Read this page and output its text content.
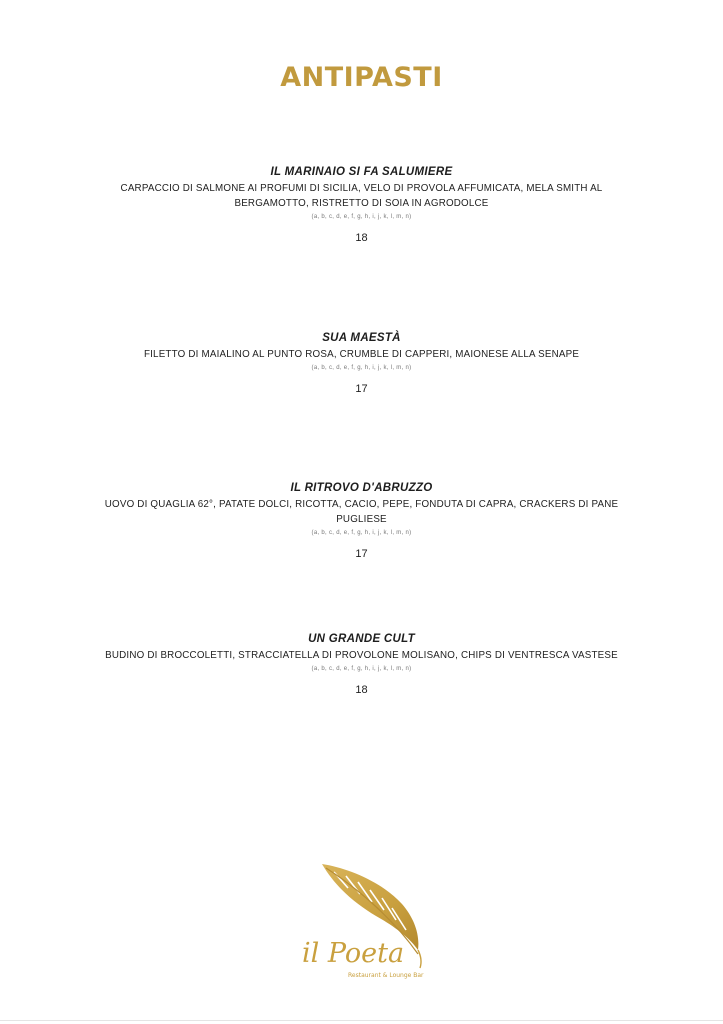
ANTIPASTI
IL MARINAIO SI FA SALUMIERE
CARPACCIO DI SALMONE AI PROFUMI DI SICILIA, VELO DI PROVOLA AFFUMICATA, MELA SMITH AL BERGAMOTTO, RISTRETTO DI SOIA IN AGRODOLCE
(a, b, c, d, e, f, g, h, i, j, k, l, m, n)
18
SUA MAESTÀ
FILETTO DI MAIALINO AL PUNTO ROSA, CRUMBLE DI CAPPERI, MAIONESE ALLA SENAPE
(a, b, c, d, e, f, g, h, i, j, k, l, m, n)
17
IL RITROVO D'ABRUZZO
UOVO DI QUAGLIA 62°, PATATE DOLCI, RICOTTA, CACIO, PEPE, FONDUTA DI CAPRA, CRACKERS DI PANE PUGLIESE
(a, b, c, d, e, f, g, h, i, j, k, l, m, n)
17
UN GRANDE CULT
BUDINO DI BROCCOLETTI, STRACCIATELLA DI PROVOLONE MOLISANO, CHIPS DI VENTRESCA VASTESE
(a, b, c, d, e, f, g, h, i, j, k, l, m, n)
18
il Poeta
Restaurant & Lounge Bar
